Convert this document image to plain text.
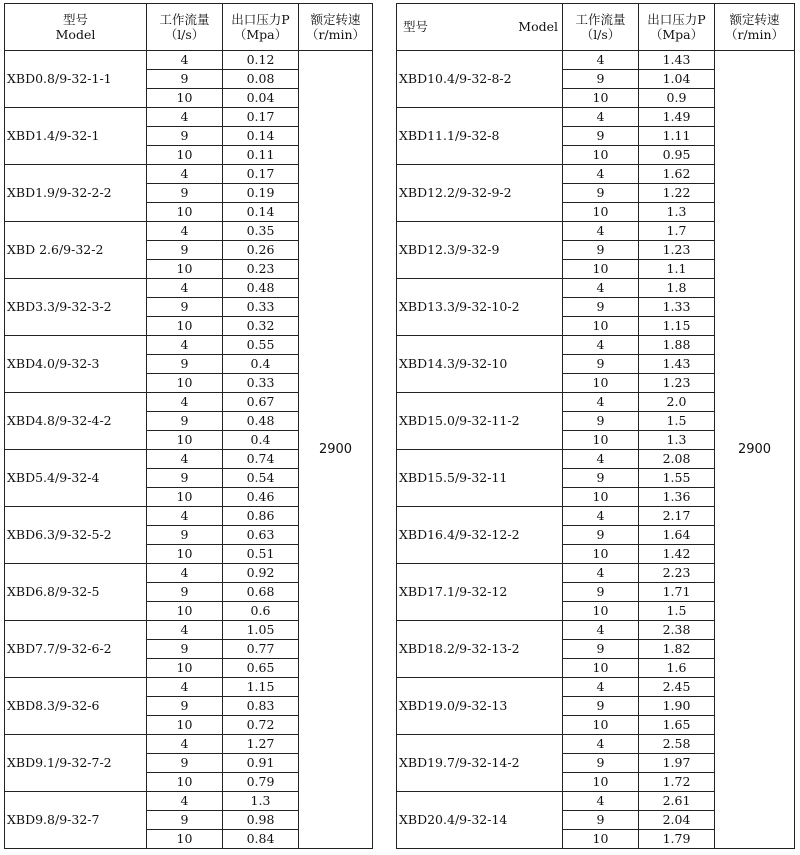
型号
Model	工作流量
（l/s）	出口压力P
（Mpa）	额定转速
（r/min）

XBD0.8/9-32-1-1	4	0.12	2900
	9	0.08	
	10	0.04	
XBD1.4/9-32-1	4	0.17	
	9	0.14	
	10	0.11	
XBD1.9/9-32-2-2	4	0.17	
	9	0.19	
	10	0.14	
XBD 2.6/9-32-2	4	0.35	
	9	0.26	
	10	0.23	
XBD3.3/9-32-3-2	4	0.48	
	9	0.33	
	10	0.32	
XBD4.0/9-32-3	4	0.55	
	9	0.4	
	10	0.33	
XBD4.8/9-32-4-2	4	0.67	
	9	0.48	
	10	0.4	
XBD5.4/9-32-4	4	0.74	
	9	0.54	
	10	0.46	
XBD6.3/9-32-5-2	4	0.86	
	9	0.63	
	10	0.51	
XBD6.8/9-32-5	4	0.92	
	9	0.68	
	10	0.6	
XBD7.7/9-32-6-2	4	1.05	
	9	0.77	
	10	0.65	
XBD8.3/9-32-6	4	1.15	
	9	0.83	
	10	0.72	
XBD9.1/9-32-7-2	4	1.27	
	9	0.91	
	10	0.79	
XBD9.8/9-32-7	4	1.3	
	9	0.98	
	10	0.84	
型号 Model	工作流量
（l/s）	出口压力P
（Mpa）	额定转速
（r/min）

XBD10.4/9-32-8-2	4	1.43	2900
	9	1.04	
	10	0.9	
XBD11.1/9-32-8	4	1.49	
	9	1.11	
	10	0.95	
XBD12.2/9-32-9-2	4	1.62	
	9	1.22	
	10	1.3	
XBD12.3/9-32-9	4	1.7	
	9	1.23	
	10	1.1	
XBD13.3/9-32-10-2	4	1.8	
	9	1.33	
	10	1.15	
XBD14.3/9-32-10	4	1.88	
	9	1.43	
	10	1.23	
XBD15.0/9-32-11-2	4	2.0	
	9	1.5	
	10	1.3	
XBD15.5/9-32-11	4	2.08	
	9	1.55	
	10	1.36	
XBD16.4/9-32-12-2	4	2.17	
	9	1.64	
	10	1.42	
XBD17.1/9-32-12	4	2.23	
	9	1.71	
	10	1.5	
XBD18.2/9-32-13-2	4	2.38	
	9	1.82	
	10	1.6	
XBD19.0/9-32-13	4	2.45	
	9	1.90	
	10	1.65	
XBD19.7/9-32-14-2	4	2.58	
	9	1.97	
	10	1.72	
XBD20.4/9-32-14	4	2.61	
	9	2.04	
	10	1.79	
